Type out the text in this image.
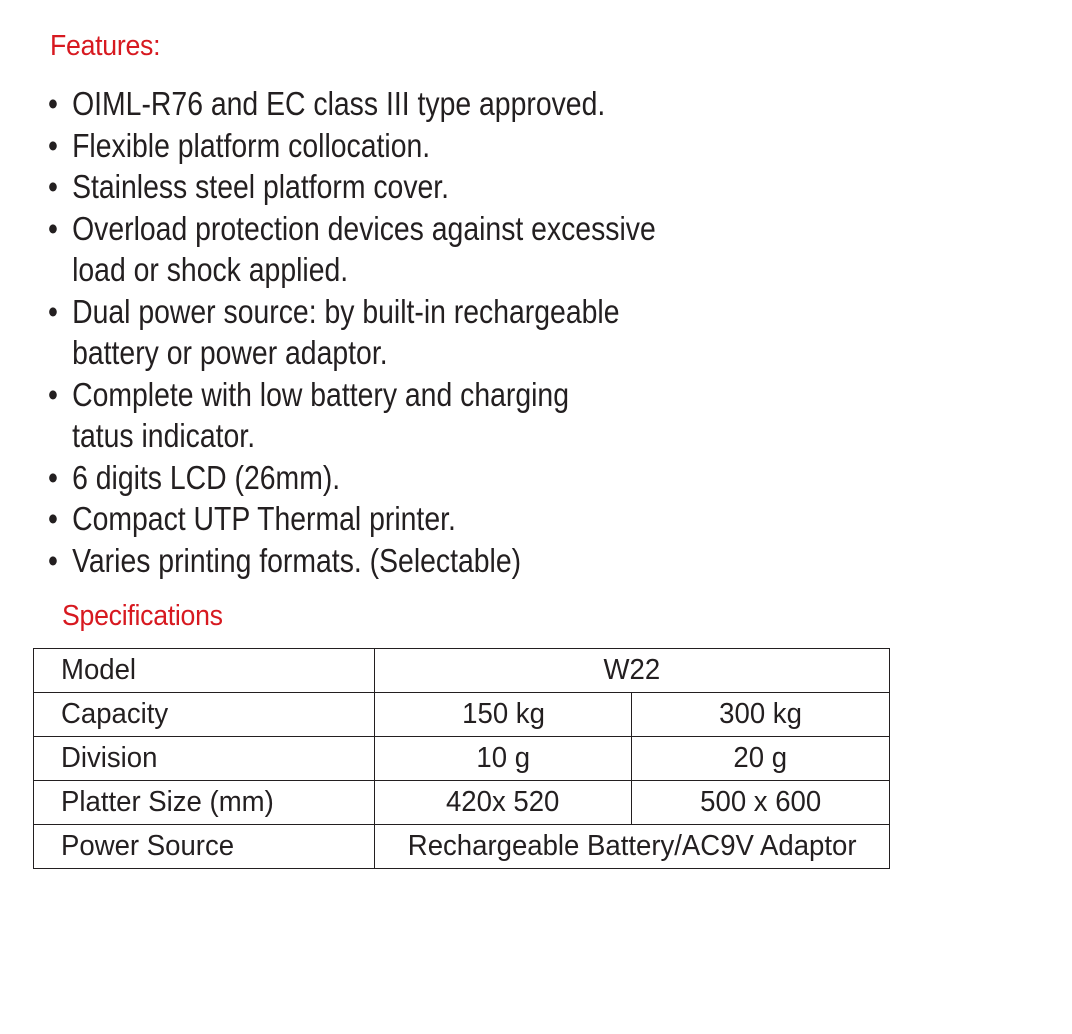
Features:
• OIML-R76 and EC class III type approved.
• Flexible platform collocation.
• Stainless steel platform cover.
• Overload protection devices against excessive
load or shock applied.
• Dual power source: by built-in rechargeable
battery or power adaptor.
• Complete with low battery and charging
tatus indicator.
• 6 digits LCD (26mm).
• Compact UTP Thermal printer.
• Varies printing formats. (Selectable)
Specifications
Model	W22	
Capacity	150 kg	300 kg
Division	10 g	20 g
Platter Size (mm)	420x 520	500 x 600
Power Source	Rechargeable Battery/AC9V Adaptor	
